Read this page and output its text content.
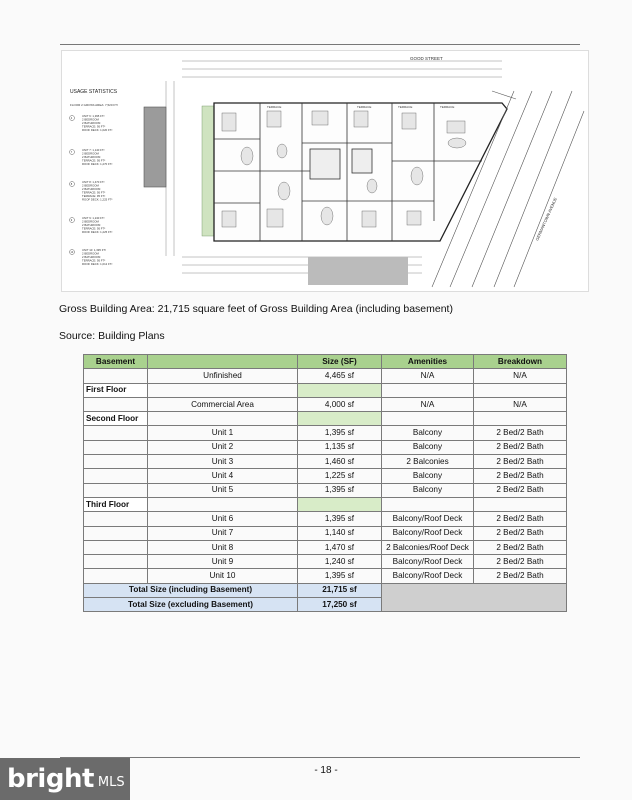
GOOD STREET
TERRACE	TERRACE	TERRACE	TERRACE
GERMANTOWN AVENUE
USAGE STATISTICS
FLOOR 2 GROSS AREA: 7,520 FT²
4
UNIT 6: 1,395 FT²
2 BEDROOM
2 BATHROOM
TERRACE: 95 FT²
ROOF DECK: 1,020 FT²
7
UNIT 7: 1,140 FT²
2 BEDROOM
2 BATHROOM
TERRACE: 95 FT²
ROOF DECK: 1,270 FT²
8
UNIT 8: 1,470 FT²
2 BEDROOM
2 BATHROOM
TERRACE: 95 FT²
TERRACE: 95 FT²
ROOF DECK: 1,225 FT²
9
UNIT 9: 1,240 FT²
2 BEDROOM
2 BATHROOM
TERRACE: 95 FT²
ROOF DECK: 1,225 FT²
10
UNIT 10: 1,395 FT²
2 BEDROOM
2 BATHROOM
TERRACE: 95 FT²
ROOF DECK: 1,012 FT²
Gross Building Area: 21,715 square feet of Gross Building Area (including basement)
Source: Building Plans
Basement		Size (SF)	Amenities	Breakdown
	Unfinished	4,465 sf	N/A	N/A
First Floor				
	Commercial Area	4,000 sf	N/A	N/A
Second Floor				
	Unit 1	1,395 sf	Balcony	2 Bed/2 Bath
	Unit 2	1,135 sf	Balcony	2 Bed/2 Bath
	Unit 3	1,460 sf	2 Balconies	2 Bed/2 Bath
	Unit 4	1,225 sf	Balcony	2 Bed/2 Bath
	Unit 5	1,395 sf	Balcony	2 Bed/2 Bath
Third Floor				
	Unit 6	1,395 sf	Balcony/Roof Deck	2 Bed/2 Bath
	Unit 7	1,140 sf	Balcony/Roof Deck	2 Bed/2 Bath
	Unit 8	1,470 sf	2 Balconies/Roof Deck	2 Bed/2 Bath
	Unit 9	1,240 sf	Balcony/Roof Deck	2 Bed/2 Bath
	Unit 10	1,395 sf	Balcony/Roof Deck	2 Bed/2 Bath
Total Size (including Basement)		21,715 sf		
Total Size (excluding Basement)		17,250 sf		
- 18 -
bright MLS
